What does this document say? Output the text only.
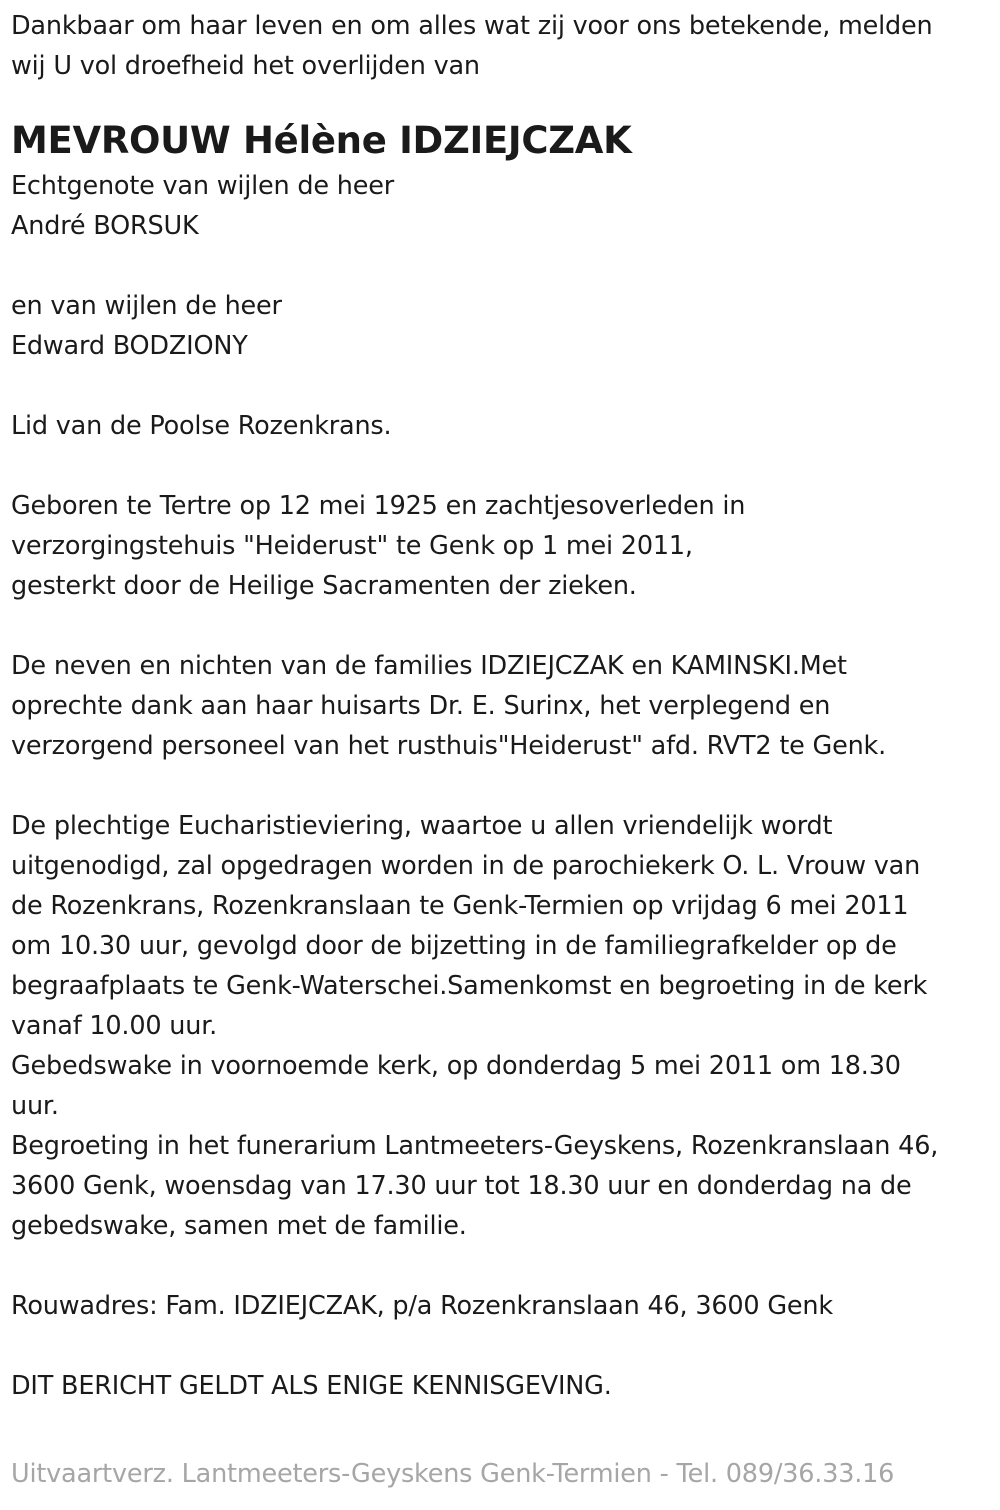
Dankbaar om haar leven en om alles wat zij voor ons betekende, melden
wij U vol droefheid het overlijden van
MEVROUW Hélène IDZIEJCZAK
Echtgenote van wijlen de heer
André BORSUK
en van wijlen de heer
Edward BODZIONY
Lid van de Poolse Rozenkrans.
Geboren te Tertre op 12 mei 1925 en zachtjesoverleden in
verzorgingstehuis "Heiderust" te Genk op 1 mei 2011,
gesterkt door de Heilige Sacramenten der zieken.
De neven en nichten van de families IDZIEJCZAK en KAMINSKI.Met
oprechte dank aan haar huisarts Dr. E. Surinx, het verplegend en
verzorgend personeel van het rusthuis"Heiderust" afd. RVT2 te Genk.
De plechtige Eucharistieviering, waartoe u allen vriendelijk wordt
uitgenodigd, zal opgedragen worden in de parochiekerk O. L. Vrouw van
de Rozenkrans, Rozenkranslaan te Genk-Termien op vrijdag 6 mei 2011
om 10.30 uur, gevolgd door de bijzetting in de familiegrafkelder op de
begraafplaats te Genk-Waterschei.Samenkomst en begroeting in de kerk
vanaf 10.00 uur.
Gebedswake in voornoemde kerk, op donderdag 5 mei 2011 om 18.30
uur.
Begroeting in het funerarium Lantmeeters-Geyskens, Rozenkranslaan 46,
3600 Genk, woensdag van 17.30 uur tot 18.30 uur en donderdag na de
gebedswake, samen met de familie.
Rouwadres: Fam. IDZIEJCZAK, p/a Rozenkranslaan 46, 3600 Genk
DIT BERICHT GELDT ALS ENIGE KENNISGEVING.
Uitvaartverz. Lantmeeters-Geyskens Genk-Termien - Tel. 089/36.33.16
